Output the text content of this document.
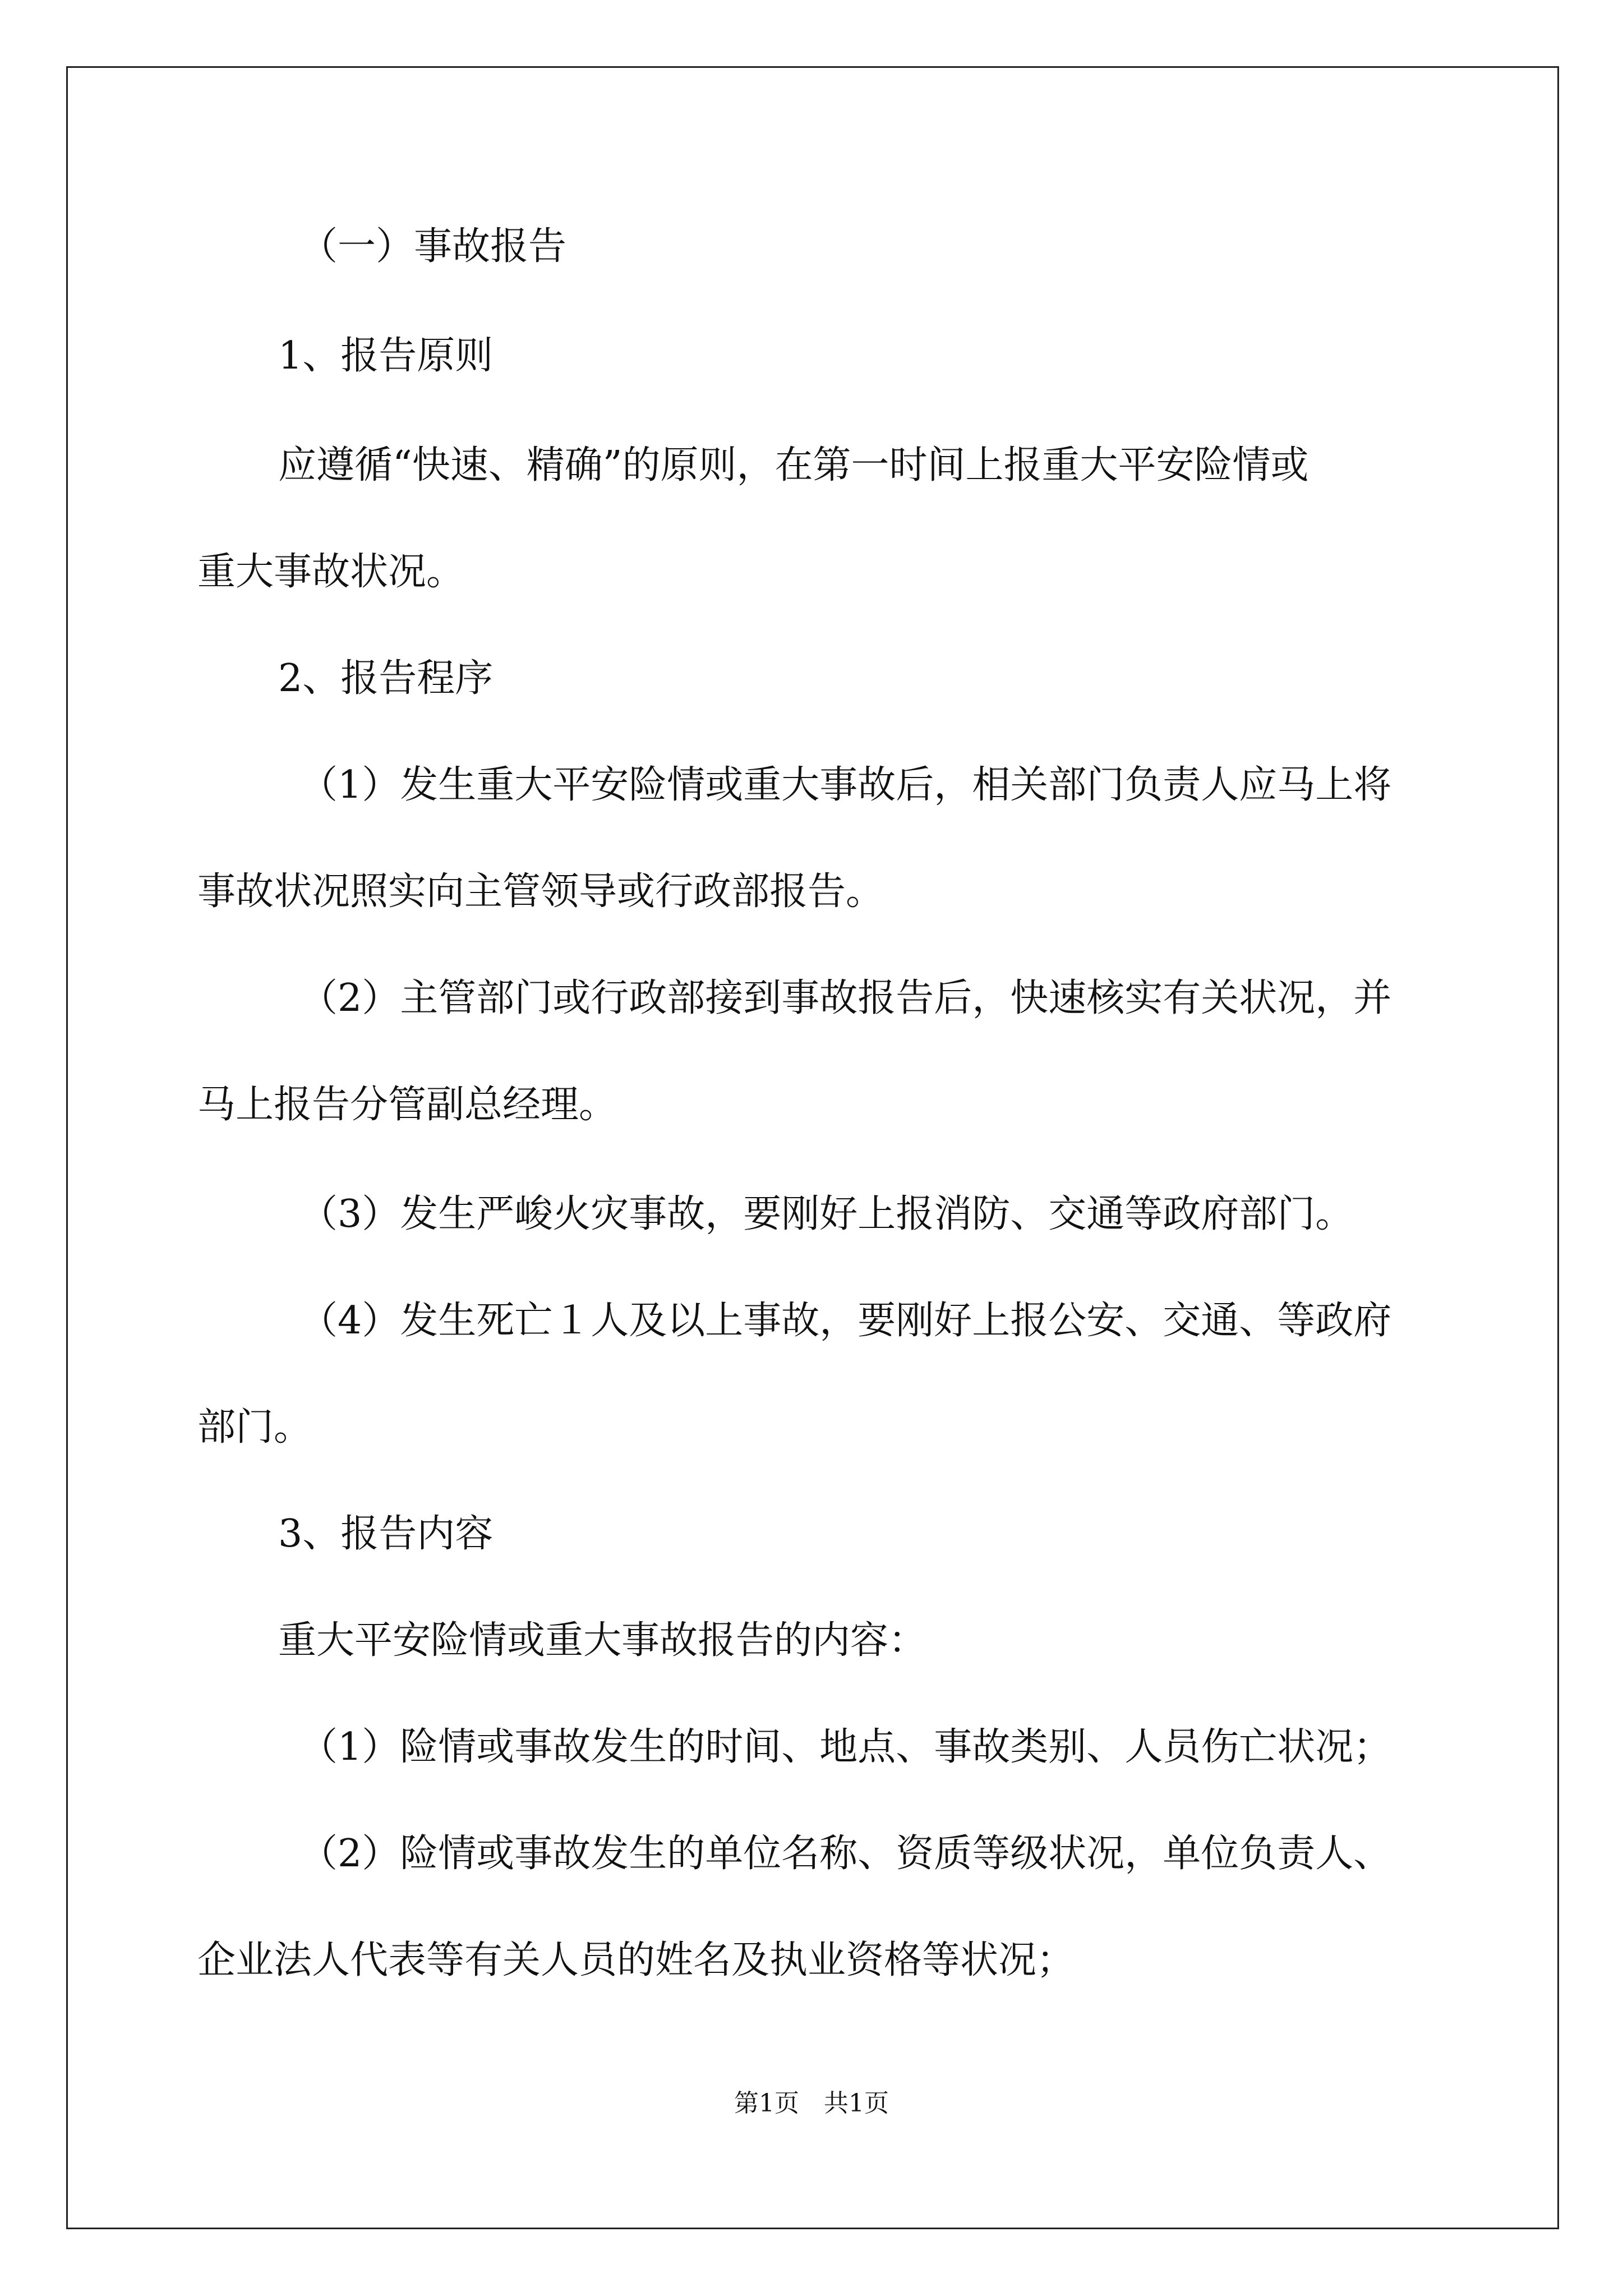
（一）事故报告

1、报告原则

应遵循“快速、精确”的原则，在第一时间上报重大平安险情或

重大事故状况。

2、报告程序

（1）发生重大平安险情或重大事故后，相关部门负责人应马上将

事故状况照实向主管领导或行政部报告。

（2）主管部门或行政部接到事故报告后，快速核实有关状况，并

马上报告分管副总经理。

（3）发生严峻火灾事故，要刚好上报消防、交通等政府部门。

（4）发生死亡１人及以上事故，要刚好上报公安、交通、等政府

部门。

3、报告内容

重大平安险情或重大事故报告的内容：

（1）险情或事故发生的时间、地点、事故类别、人员伤亡状况；

（2）险情或事故发生的单位名称、资质等级状况，单位负责人、

企业法人代表等有关人员的姓名及执业资格等状况；

第1页　共1页
